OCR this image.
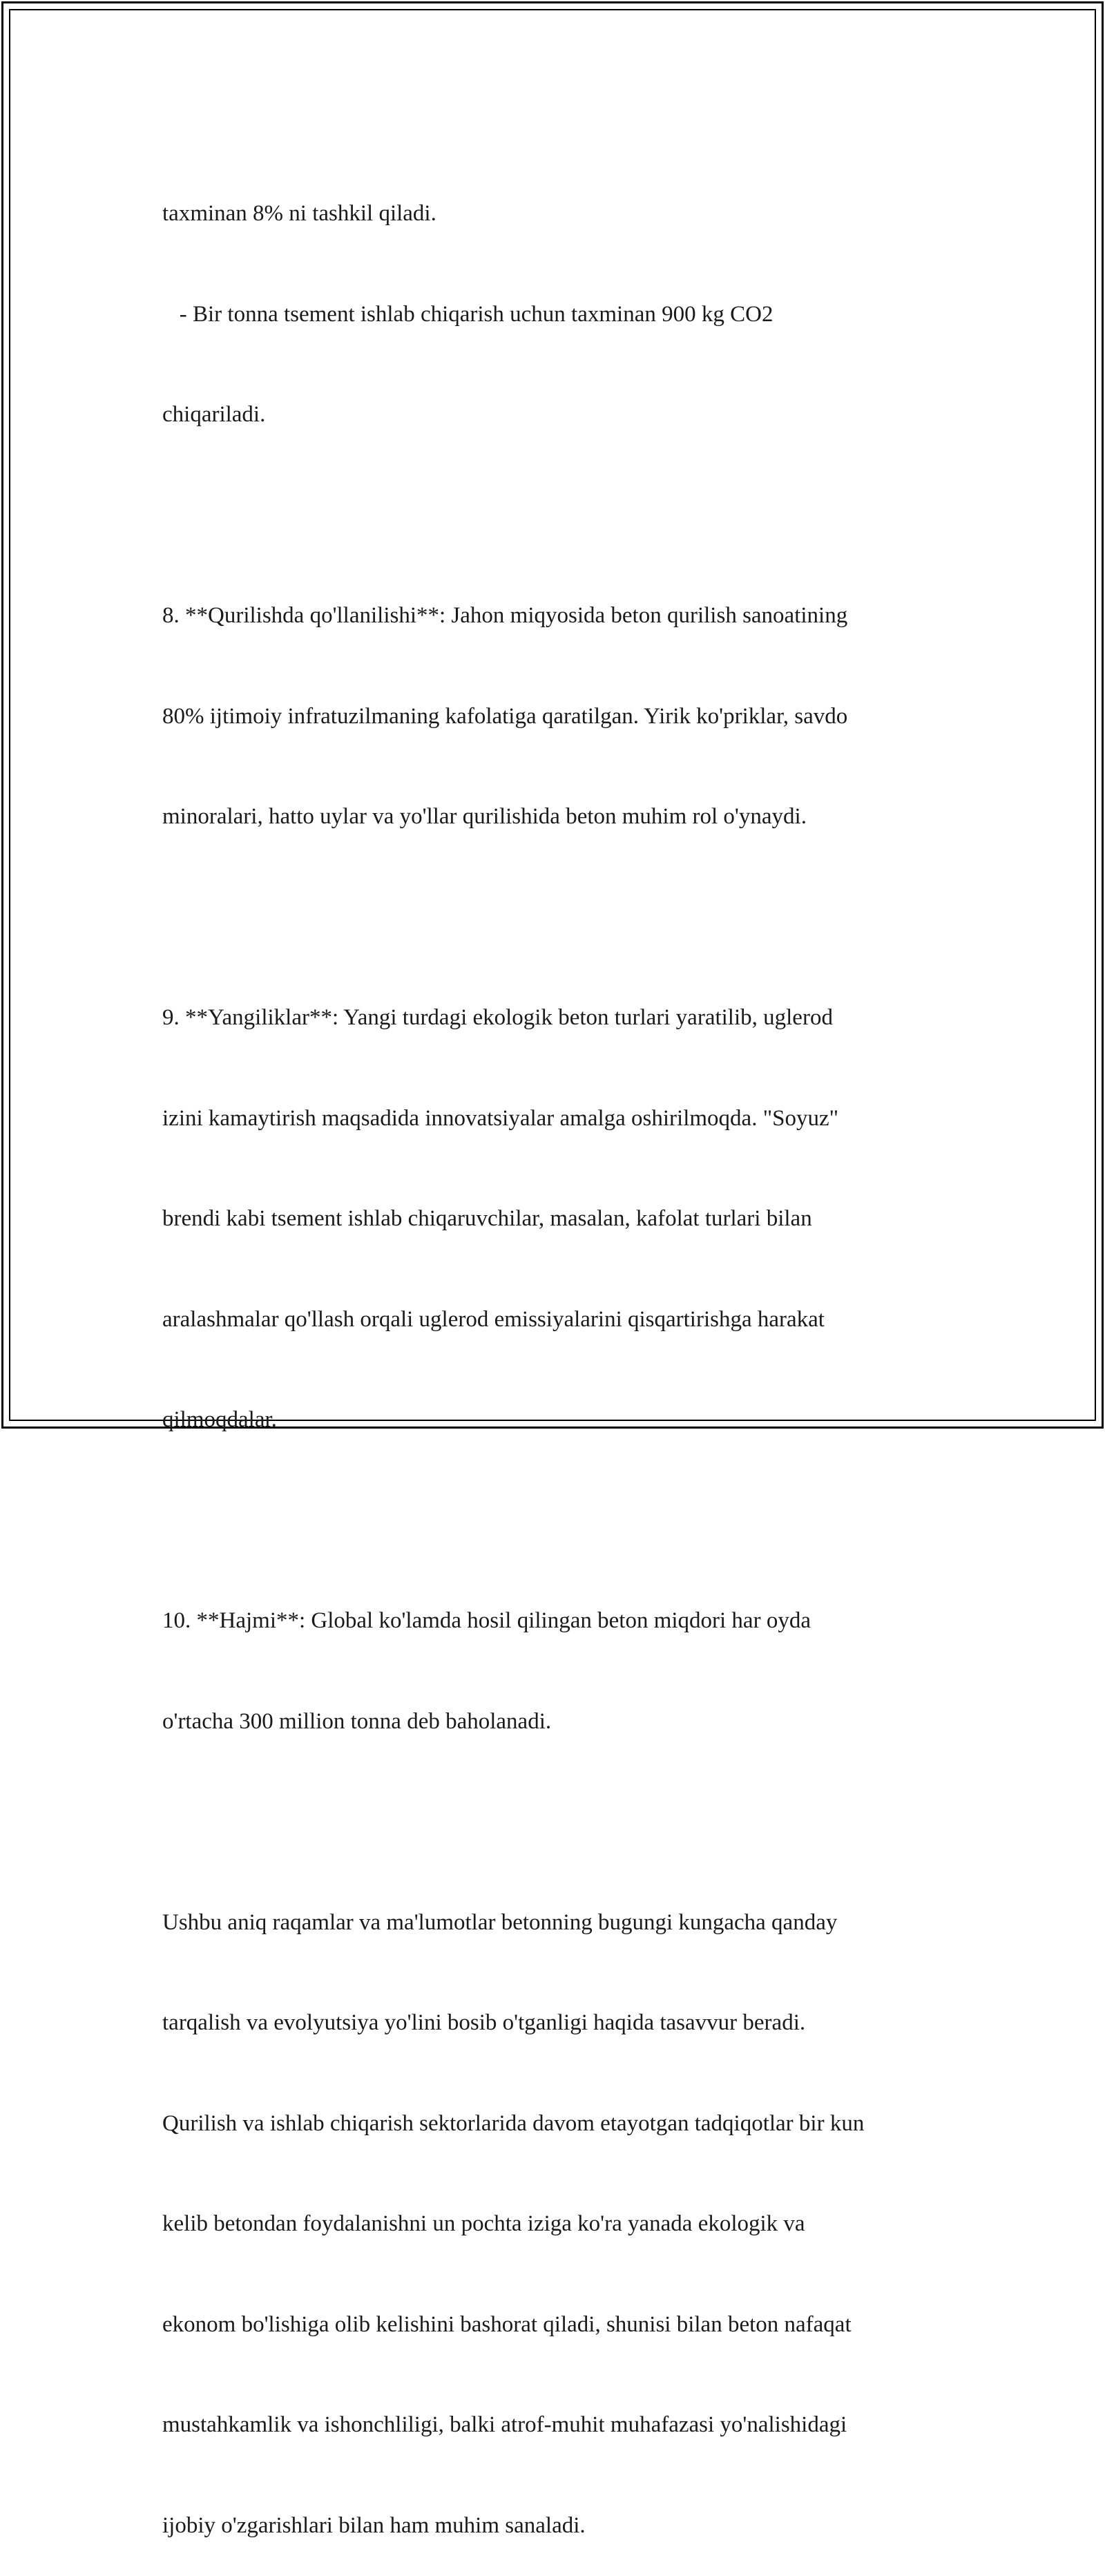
taxminan 8% ni tashkil qiladi.

- Bir tonna tsement ishlab chiqarish uchun taxminan 900 kg CO2

chiqariladi.

8. **Qurilishda qo'llanilishi**: Jahon miqyosida beton qurilish sanoatining

80% ijtimoiy infratuzilmaning kafolatiga qaratilgan. Yirik ko'priklar, savdo

minoralari, hatto uylar va yo'llar qurilishida beton muhim rol o'ynaydi.

9. **Yangiliklar**: Yangi turdagi ekologik beton turlari yaratilib, uglerod

izini kamaytirish maqsadida innovatsiyalar amalga oshirilmoqda. "Soyuz"

brendi kabi tsement ishlab chiqaruvchilar, masalan, kafolat turlari bilan

aralashmalar qo'llash orqali uglerod emissiyalarini qisqartirishga harakat

qilmoqdalar.

10. **Hajmi**: Global ko'lamda hosil qilingan beton miqdori har oyda

o'rtacha 300 million tonna deb baholanadi.

Ushbu aniq raqamlar va ma'lumotlar betonning bugungi kungacha qanday

tarqalish va evolyutsiya yo'lini bosib o'tganligi haqida tasavvur beradi.

Qurilish va ishlab chiqarish sektorlarida davom etayotgan tadqiqotlar bir kun

kelib betondan foydalanishni un pochta iziga ko'ra yanada ekologik va

ekonom bo'lishiga olib kelishini bashorat qiladi, shunisi bilan beton nafaqat

mustahkamlik va ishonchliligi, balki atrof-muhit muhafazasi yo'nalishidagi

ijobiy o'zgarishlari bilan ham muhim sanaladi.
